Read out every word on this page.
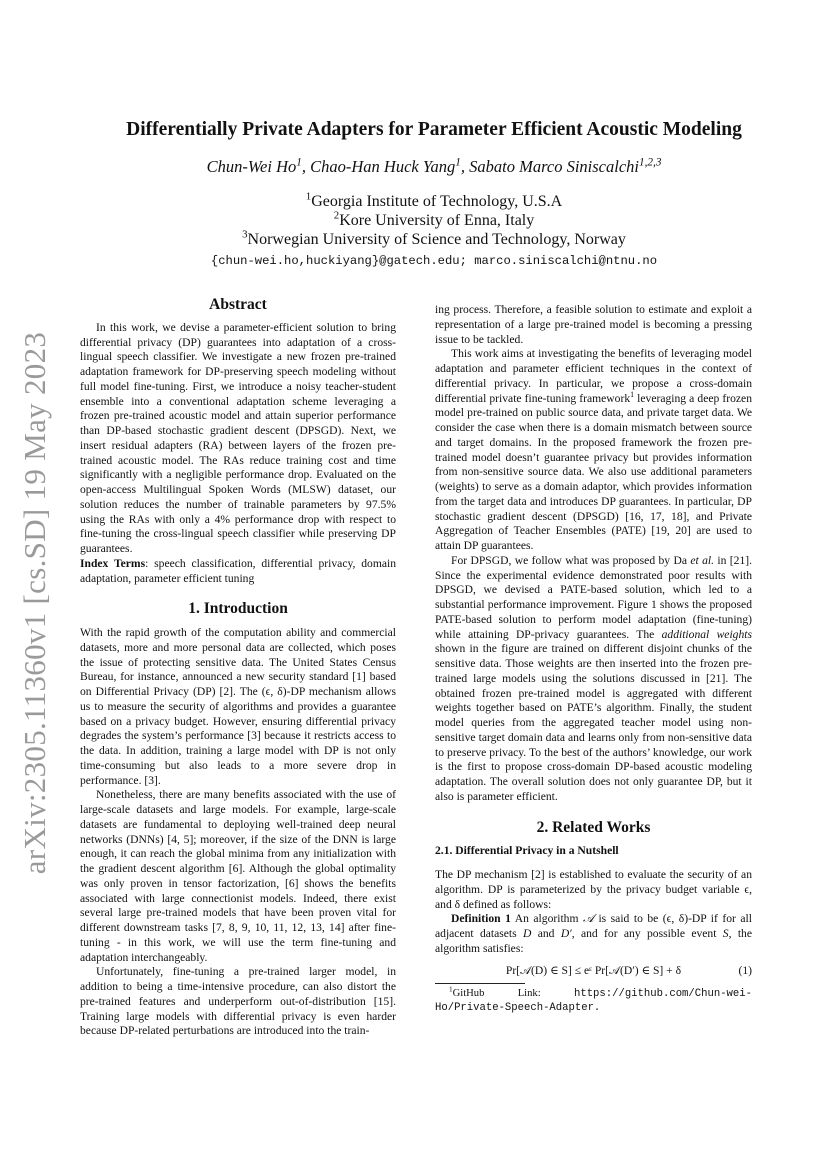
arXiv:2305.11360v1 [cs.SD] 19 May 2023
Differentially Private Adapters for Parameter Efficient Acoustic Modeling
Chun-Wei Ho$^1$, Chao-Han Huck Yang$^1$, Sabato Marco Siniscalchi$^{1,2,3}$
$^1$Georgia Institute of Technology, U.S.A
$^2$Kore University of Enna, Italy
$^3$Norwegian University of Science and Technology, Norway
{chun-wei.ho,huckiyang}@gatech.edu; marco.siniscalchi@ntnu.no
Abstract

In this work, we devise a parameter-efficient solution to bring differential privacy (DP) guarantees into adaptation of a cross-lingual speech classifier. We investigate a new frozen pre-trained adaptation framework for DP-preserving speech modeling without full model fine-tuning. First, we introduce a noisy teacher-student ensemble into a conventional adaptation scheme leveraging a frozen pre-trained acoustic model and attain superior performance than DP-based stochastic gradient descent (DPSGD). Next, we insert residual adapters (RA) between layers of the frozen pre-trained acoustic model. The RAs reduce training cost and time significantly with a negligible performance drop. Evaluated on the open-access Multilingual Spoken Words (MLSW) dataset, our solution reduces the number of trainable parameters by 97.5% using the RAs with only a 4% performance drop with respect to fine-tuning the cross-lingual speech classifier while preserving DP guarantees.

Index Terms: speech classification, differential privacy, domain adaptation, parameter efficient tuning

1. Introduction

With the rapid growth of the computation ability and commercial datasets, more and more personal data are collected, which poses the issue of protecting sensitive data. The United States Census Bureau, for instance, announced a new security standard [1] based on Differential Privacy (DP) [2]. The (ϵ, δ)-DP mechanism allows us to measure the security of algorithms and provides a guarantee based on a privacy budget. However, ensuring differential privacy degrades the system’s performance [3] because it restricts access to the data. In addition, training a large model with DP is not only time-consuming but also leads to a more severe drop in performance. [3].

Nonetheless, there are many benefits associated with the use of large-scale datasets and large models. For example, large-scale datasets are fundamental to deploying well-trained deep neural networks (DNNs) [4, 5]; moreover, if the size of the DNN is large enough, it can reach the global minima from any initialization with the gradient descent algorithm [6]. Although the global optimality was only proven in tensor factorization, [6] shows the benefits associated with large connectionist models. Indeed, there exist several large pre-trained models that have been proven vital for different downstream tasks [7, 8, 9, 10, 11, 12, 13, 14] after fine-tuning - in this work, we will use the term fine-tuning and adaptation interchangeably.

Unfortunately, fine-tuning a pre-trained larger model, in addition to being a time-intensive procedure, can also distort the pre-trained features and underperform out-of-distribution [15]. Training large models with differential privacy is even harder because DP-related perturbations are introduced into the train-

ing process. Therefore, a feasible solution to estimate and exploit a representation of a large pre-trained model is becoming a pressing issue to be tackled.

This work aims at investigating the benefits of leveraging model adaptation and parameter efficient techniques in the context of differential privacy. In particular, we propose a cross-domain differential private fine-tuning framework$^1$ leveraging a deep frozen model pre-trained on public source data, and private target data. We consider the case when there is a domain mismatch between source and target domains. In the proposed framework the frozen pre-trained model doesn’t guarantee privacy but provides information from non-sensitive source data. We also use additional parameters (weights) to serve as a domain adaptor, which provides information from the target data and introduces DP guarantees. In particular, DP stochastic gradient descent (DPSGD) [16, 17, 18], and Private Aggregation of Teacher Ensembles (PATE) [19, 20] are used to attain DP guarantees.

For DPSGD, we follow what was proposed by Da et al. in [21]. Since the experimental evidence demonstrated poor results with DPSGD, we devised a PATE-based solution, which led to a substantial performance improvement. Figure 1 shows the proposed PATE-based solution to perform model adaptation (fine-tuning) while attaining DP-privacy guarantees. The additional weights shown in the figure are trained on different disjoint chunks of the sensitive data. Those weights are then inserted into the frozen pre-trained large models using the solutions discussed in [21]. The obtained frozen pre-trained model is aggregated with different weights together based on PATE’s algorithm. Finally, the student model queries from the aggregated teacher model using non-sensitive target domain data and learns only from non-sensitive data to preserve privacy. To the best of the authors’ knowledge, our work is the first to propose cross-domain DP-based acoustic modeling adaptation. The overall solution does not only guarantee DP, but it also is parameter efficient.

2. Related Works
2.1. Differential Privacy in a Nutshell

The DP mechanism [2] is established to evaluate the security of an algorithm. DP is parameterized by the privacy budget variable ϵ, and δ defined as follows:

Definition 1 An algorithm 𝒜 is said to be (ϵ, δ)-DP if for all adjacent datasets D and D′, and for any possible event S, the algorithm satisfies:

Pr[𝒜(D) ∈ S] ≤ eᵋ Pr[𝒜(D′) ∈ S] + δ	(1)

$^1$GitHub Link:	https://github.com/Chun-wei-Ho/Private-Speech-Adapter.
